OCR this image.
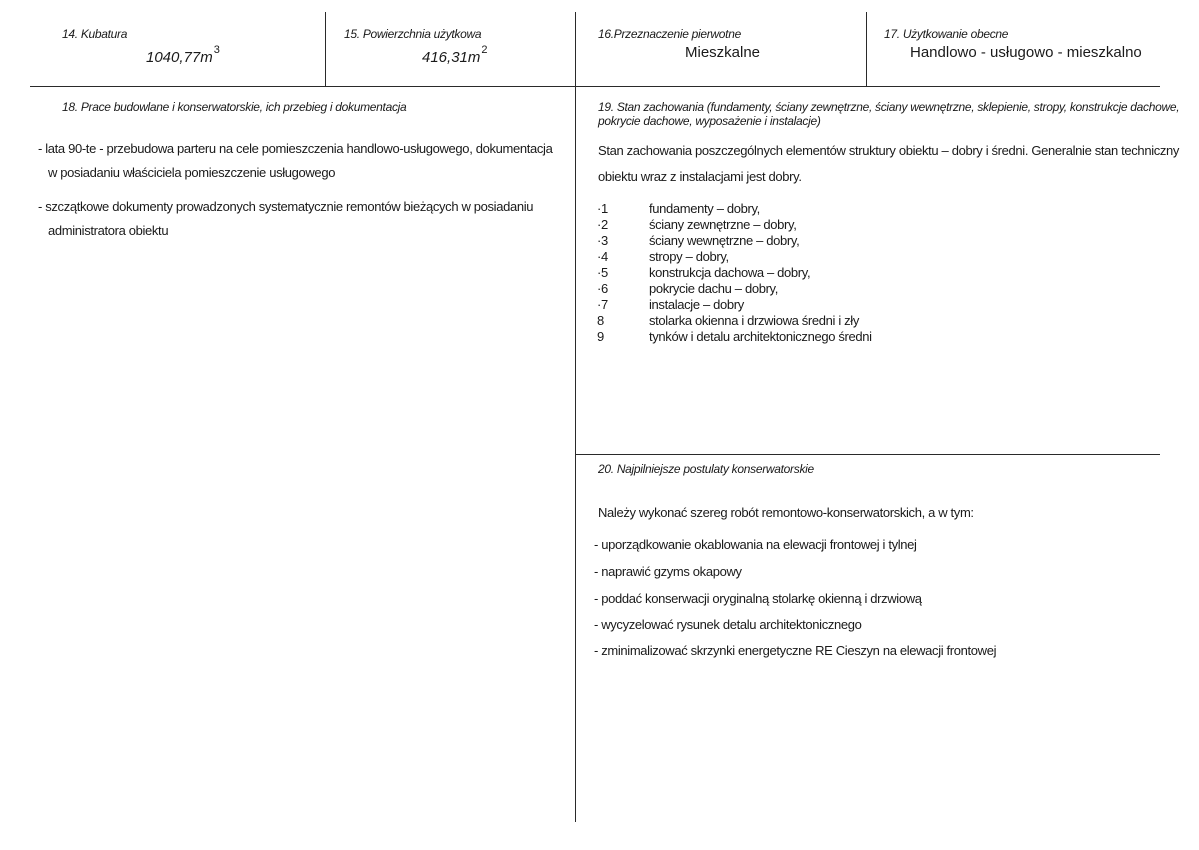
14. Kubatura
$1040,77m^3$
15. Powierzchnia użytkowa
$416,31m^2$
16.Przeznaczenie pierwotne
Mieszkalne
17. Użytkowanie obecne
Handlowo - usługowo - mieszkalno
18. Prace budowlane i konserwatorskie, ich przebieg i dokumentacja
- lata 90-te - przebudowa parteru na cele pomieszczenia handlowo-usługowego, dokumentacja
w posiadaniu właściciela pomieszczenie usługowego
- szczątkowe dokumenty prowadzonych systematycznie remontów bieżących w posiadaniu
administratora obiektu
19. Stan zachowania (fundamenty, ściany zewnętrzne, ściany wewnętrzne, sklepienie, stropy, konstrukcje dachowe,
pokrycie dachowe, wyposażenie i instalacje)
Stan zachowania poszczególnych elementów struktury obiektu – dobry i średni. Generalnie stan techniczny
obiektu wraz z instalacjami jest dobry.
·1	fundamenty – dobry,
·2	ściany zewnętrzne – dobry,
·3	ściany wewnętrzne – dobry,
·4	stropy – dobry,
·5	konstrukcja dachowa – dobry,
·6	pokrycie dachu – dobry,
·7	instalacje – dobry
8	stolarka okienna i drzwiowa średni i zły
9	tynków i detalu architektonicznego średni
20. Najpilniejsze postulaty konserwatorskie
Należy wykonać szereg robót remontowo-konserwatorskich, a w tym:
- uporządkowanie okablowania na elewacji frontowej i tylnej
- naprawić gzyms okapowy
- poddać konserwacji oryginalną stolarkę okienną i drzwiową
- wycyzelować rysunek detalu architektonicznego
- zminimalizować skrzynki energetyczne RE Cieszyn na elewacji frontowej
